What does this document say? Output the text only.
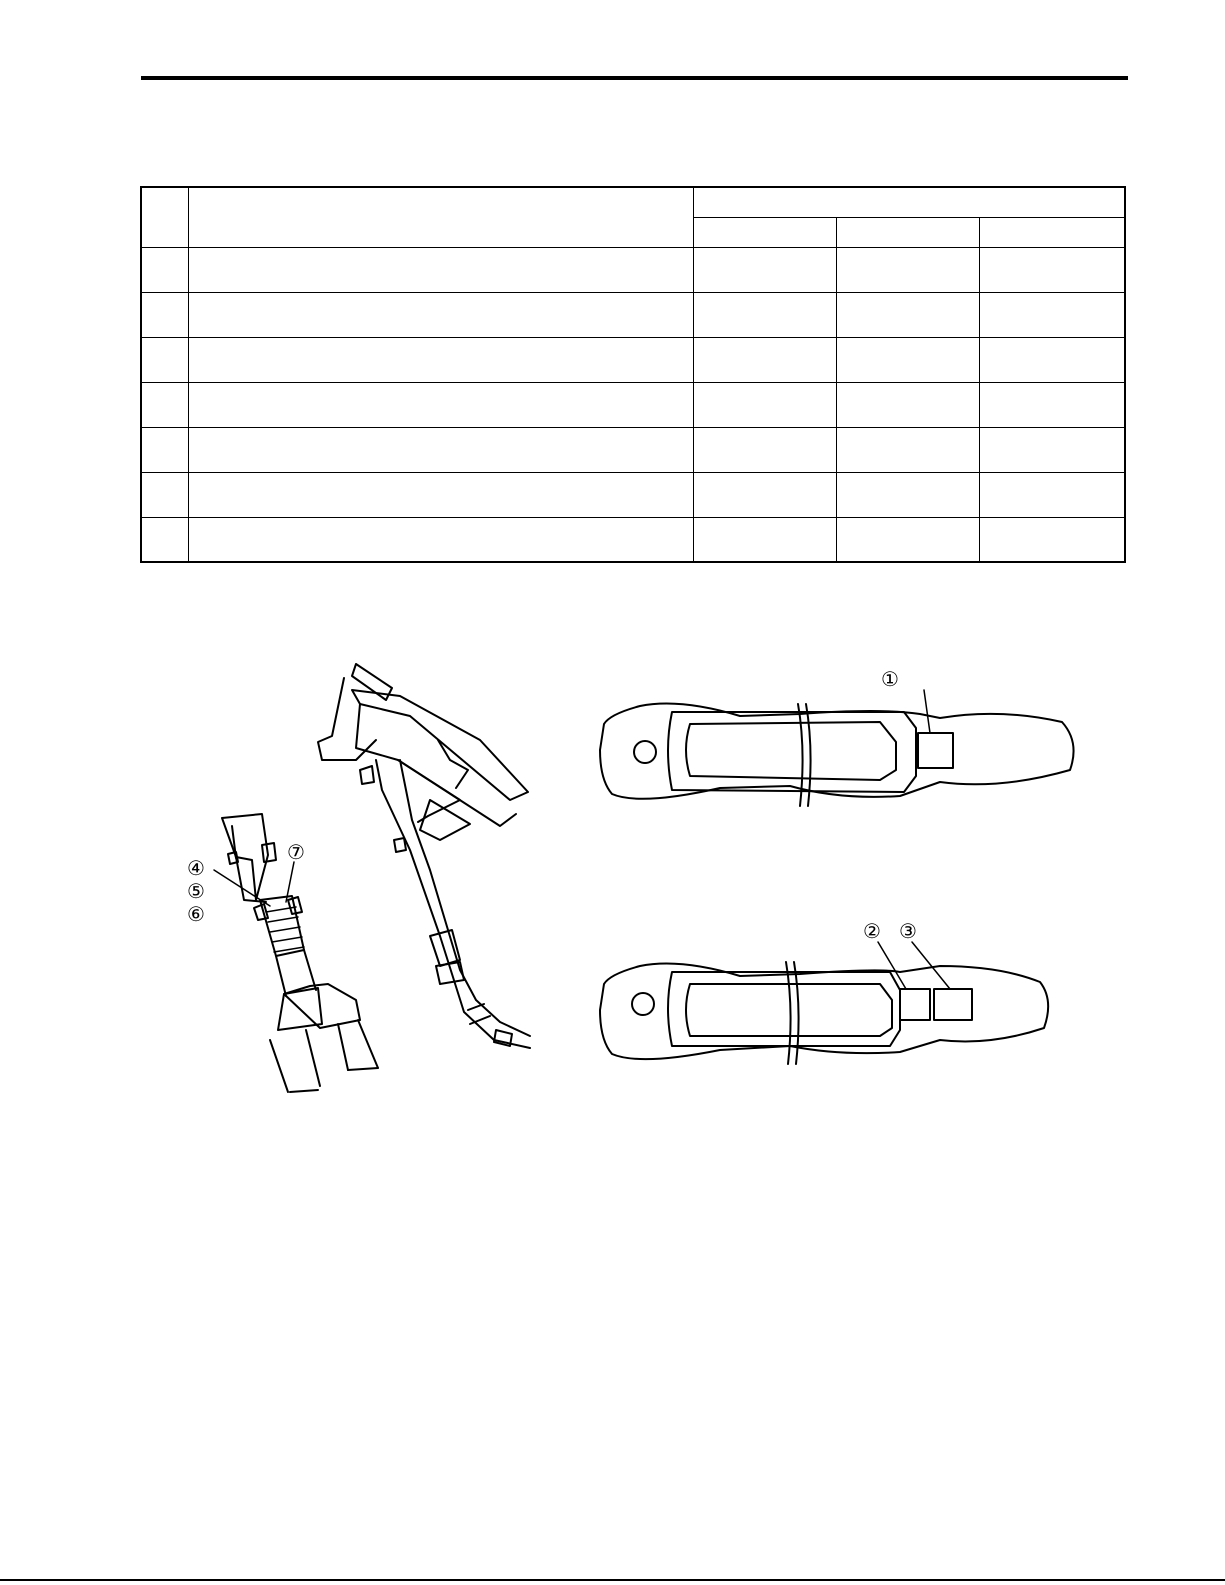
①
② ③
④
⑤
⑥
⑦
